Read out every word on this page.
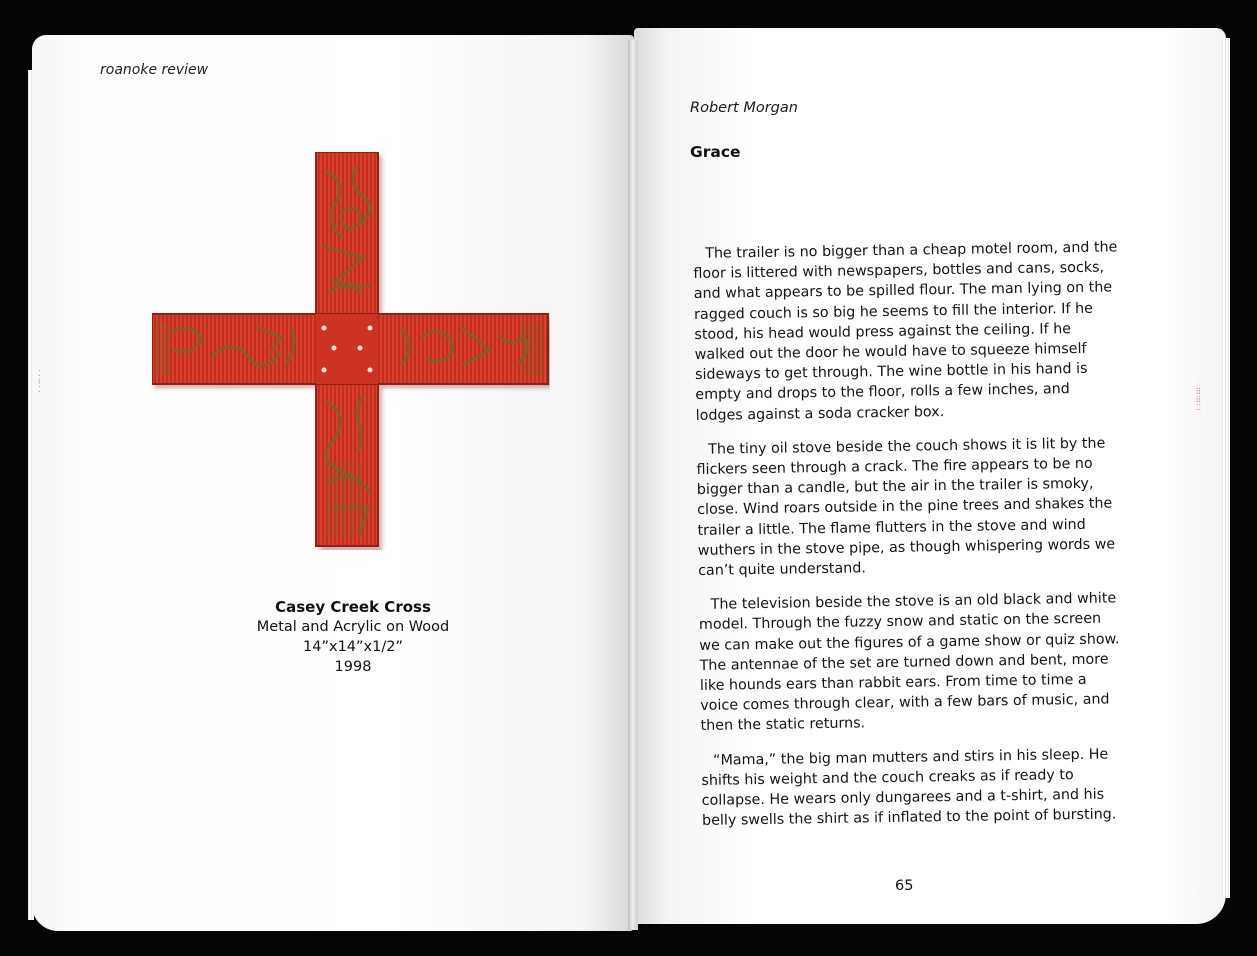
⁚
⁝
⁚	⁞⁞
⁞⁞
⁚⁚
roanoke review
Casey Creek Cross
Metal and Acrylic on Wood
14”x14”x1/2”
1998
Robert Morgan
Grace

The trailer is no bigger than a cheap motel room, and the floor is littered with newspapers, bottles and cans, socks, and what appears to be spilled flour. The man lying on the ragged couch is so big he seems to fill the interior. If he stood, his head would press against the ceiling. If he walked out the door he would have to squeeze himself sideways to get through. The wine bottle in his hand is empty and drops to the floor, rolls a few inches, and lodges against a soda cracker box.

The tiny oil stove beside the couch shows it is lit by the flickers seen through a crack. The fire appears to be no bigger than a candle, but the air in the trailer is smoky, close. Wind roars outside in the pine trees and shakes the trailer a little. The flame flutters in the stove and wind wuthers in the stove pipe, as though whispering words we can’t quite understand.

The television beside the stove is an old black and white model. Through the fuzzy snow and static on the screen we can make out the figures of a game show or quiz show. The antennae of the set are turned down and bent, more like hounds ears than rabbit ears. From time to time a voice comes through clear, with a few bars of music, and then the static returns.

“Mama,” the big man mutters and stirs in his sleep. He shifts his weight and the couch creaks as if ready to collapse. He wears only dungarees and a t-shirt, and his belly swells the shirt as if inflated to the point of bursting.

65
